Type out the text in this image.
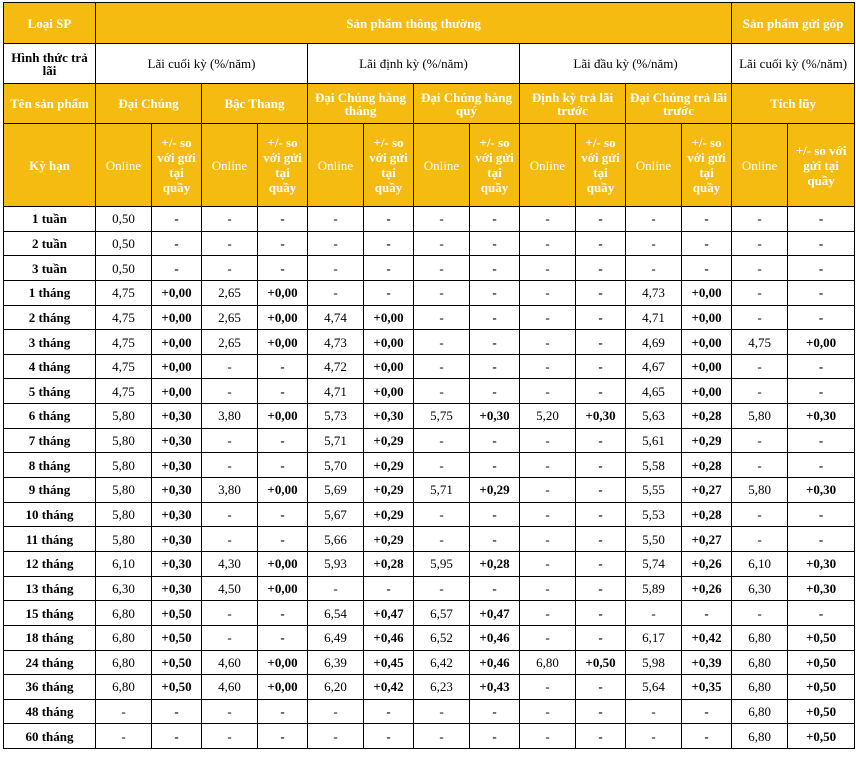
Loại SP	Sản phẩm thông thường												Sản phẩm gửi góp	
Hình thức trả lãi	Lãi cuối kỳ (%/năm)				Lãi định kỳ (%/năm)				Lãi đầu kỳ (%/năm)				Lãi cuối kỳ (%/năm)	
Tên sản phẩm	Đại Chúng		Bậc Thang		Đại Chúng hàng tháng		Đại Chúng hàng quý		Định kỳ trả lãi trước		Đại Chúng trả lãi trước		Tích lũy	
Kỳ hạn	Online	+/- so với gửi tại quầy	Online	+/- so với gửi tại quầy	Online	+/- so với gửi tại quầy	Online	+/- so với gửi tại quầy	Online	+/- so với gửi tại quầy	Online	+/- so với gửi tại quầy	Online	+/- so với gửi tại quầy
1 tuần	0,50	-	-	-	-	-	-	-	-	-	-	-	-	-
2 tuần	0,50	-	-	-	-	-	-	-	-	-	-	-	-	-
3 tuần	0,50	-	-	-	-	-	-	-	-	-	-	-	-	-
1 tháng	4,75	+0,00	2,65	+0,00	-	-	-	-	-	-	4,73	+0,00	-	-
2 tháng	4,75	+0,00	2,65	+0,00	4,74	+0,00	-	-	-	-	4,71	+0,00	-	-
3 tháng	4,75	+0,00	2,65	+0,00	4,73	+0,00	-	-	-	-	4,69	+0,00	4,75	+0,00
4 tháng	4,75	+0,00	-	-	4,72	+0,00	-	-	-	-	4,67	+0,00	-	-
5 tháng	4,75	+0,00	-	-	4,71	+0,00	-	-	-	-	4,65	+0,00	-	-
6 tháng	5,80	+0,30	3,80	+0,00	5,73	+0,30	5,75	+0,30	5,20	+0,30	5,63	+0,28	5,80	+0,30
7 tháng	5,80	+0,30	-	-	5,71	+0,29	-	-	-	-	5,61	+0,29	-	-
8 tháng	5,80	+0,30	-	-	5,70	+0,29	-	-	-	-	5,58	+0,28	-	-
9 tháng	5,80	+0,30	3,80	+0,00	5,69	+0,29	5,71	+0,29	-	-	5,55	+0,27	5,80	+0,30
10 tháng	5,80	+0,30	-	-	5,67	+0,29	-	-	-	-	5,53	+0,28	-	-
11 tháng	5,80	+0,30	-	-	5,66	+0,29	-	-	-	-	5,50	+0,27	-	-
12 tháng	6,10	+0,30	4,30	+0,00	5,93	+0,28	5,95	+0,28	-	-	5,74	+0,26	6,10	+0,30
13 tháng	6,30	+0,30	4,50	+0,00	-	-	-	-	-	-	5,89	+0,26	6,30	+0,30
15 tháng	6,80	+0,50	-	-	6,54	+0,47	6,57	+0,47	-	-	-	-	-	-
18 tháng	6,80	+0,50	-	-	6,49	+0,46	6,52	+0,46	-	-	6,17	+0,42	6,80	+0,50
24 tháng	6,80	+0,50	4,60	+0,00	6,39	+0,45	6,42	+0,46	6,80	+0,50	5,98	+0,39	6,80	+0,50
36 tháng	6,80	+0,50	4,60	+0,00	6,20	+0,42	6,23	+0,43	-	-	5,64	+0,35	6,80	+0,50
48 tháng	-	-	-	-	-	-	-	-	-	-	-	-	6,80	+0,50
60 tháng	-	-	-	-	-	-	-	-	-	-	-	-	6,80	+0,50
